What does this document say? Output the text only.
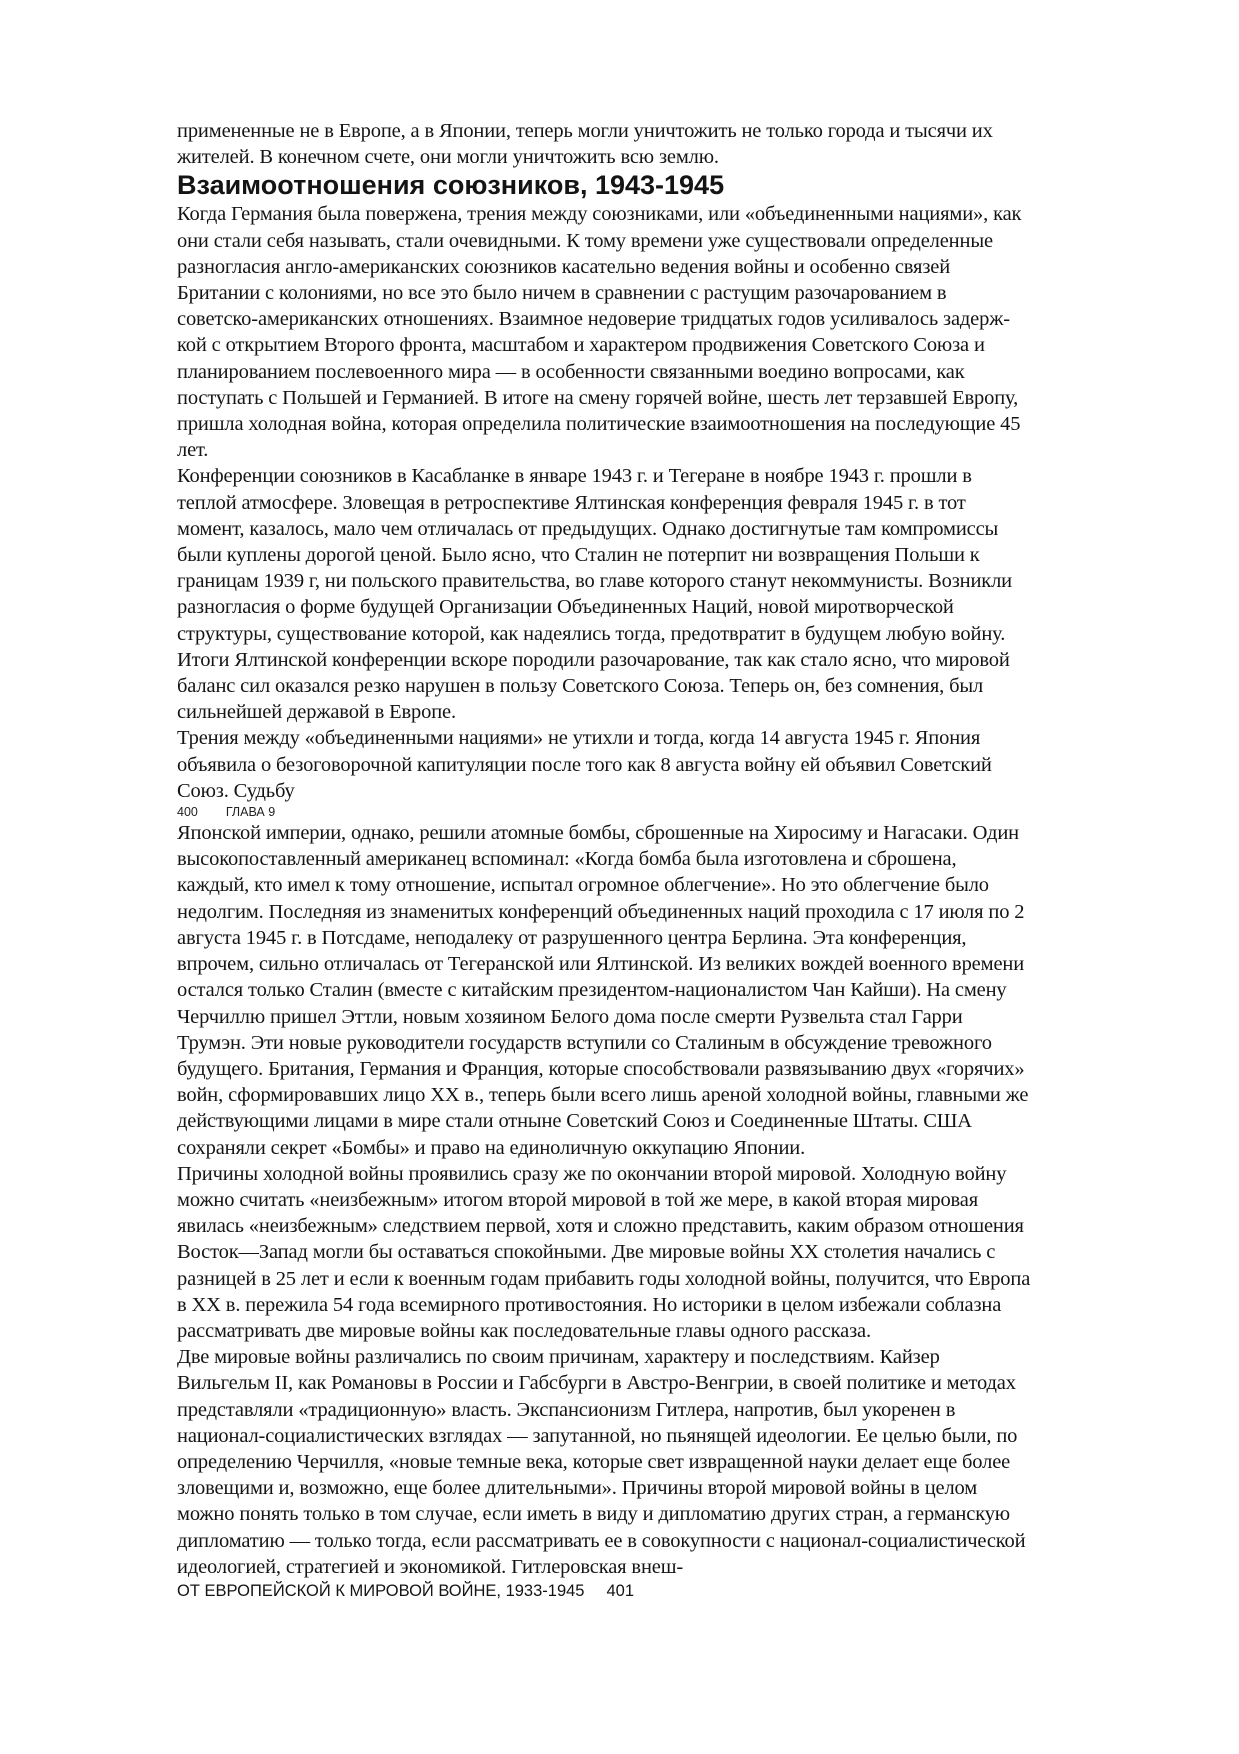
примененные не в Европе, а в Японии, теперь могли уничтожить не только города и тысячи их
жителей. В конечном счете, они могли уничтожить всю землю.
Взаимоотношения союзников, 1943-1945
Когда Германия была повержена, трения между союзниками, или «объединенными нациями», как
они стали себя называть, стали очевидными. К тому времени уже существовали определенные
разногласия англо-американских союзников касательно ведения войны и особенно связей
Британии с колониями, но все это было ничем в сравнении с растущим разочарованием в
советско-американских отношениях. Взаимное недоверие тридцатых годов усиливалось задерж-
кой с открытием Второго фронта, масштабом и характером продвижения Советского Союза и
планированием послевоенного мира — в особенности связанными воедино вопросами, как
поступать с Польшей и Германией. В итоге на смену горячей войне, шесть лет терзавшей Европу,
пришла холодная война, которая определила политические взаимоотношения на последующие 45
лет.
Конференции союзников в Касабланке в январе 1943 г. и Тегеране в ноябре 1943 г. прошли в
теплой атмосфере. Зловещая в ретроспективе Ялтинская конференция февраля 1945 г. в тот
момент, казалось, мало чем отличалась от предыдущих. Однако достигнутые там компромиссы
были куплены дорогой ценой. Было ясно, что Сталин не потерпит ни возвращения Польши к
границам 1939 г, ни польского правительства, во главе которого станут некоммунисты. Возникли
разногласия о форме будущей Организации Объединенных Наций, новой миротворческой
структуры, существование которой, как надеялись тогда, предотвратит в будущем любую войну.
Итоги Ялтинской конференции вскоре породили разочарование, так как стало ясно, что мировой
баланс сил оказался резко нарушен в пользу Советского Союза. Теперь он, без сомнения, был
сильнейшей державой в Европе.
Трения между «объединенными нациями» не утихли и тогда, когда 14 августа 1945 г. Япония
объявила о безоговорочной капитуляции после того как 8 августа войну ей объявил Советский
Союз. Судьбу
400 ГЛАВА 9
Японской империи, однако, решили атомные бомбы, сброшенные на Хиросиму и Нагасаки. Один
высокопоставленный американец вспоминал: «Когда бомба была изготовлена и сброшена,
каждый, кто имел к тому отношение, испытал огромное облегчение». Но это облегчение было
недолгим. Последняя из знаменитых конференций объединенных наций проходила с 17 июля по 2
августа 1945 г. в Потсдаме, неподалеку от разрушенного центра Берлина. Эта конференция,
впрочем, сильно отличалась от Тегеранской или Ялтинской. Из великих вождей военного времени
остался только Сталин (вместе с китайским президентом-националистом Чан Кайши). На смену
Черчиллю пришел Эттли, новым хозяином Белого дома после смерти Рузвельта стал Гарри
Трумэн. Эти новые руководители государств вступили со Сталиным в обсуждение тревожного
будущего. Британия, Германия и Франция, которые способствовали развязыванию двух «горячих»
войн, сформировавших лицо XX в., теперь были всего лишь ареной холодной войны, главными же
действующими лицами в мире стали отныне Советский Союз и Соединенные Штаты. США
сохраняли секрет «Бомбы» и право на единоличную оккупацию Японии.
Причины холодной войны проявились сразу же по окончании второй мировой. Холодную войну
можно считать «неизбежным» итогом второй мировой в той же мере, в какой вторая мировая
явилась «неизбежным» следствием первой, хотя и сложно представить, каким образом отношения
Восток—Запад могли бы оставаться спокойными. Две мировые войны XX столетия начались с
разницей в 25 лет и если к военным годам прибавить годы холодной войны, получится, что Европа
в XX в. пережила 54 года всемирного противостояния. Но историки в целом избежали соблазна
рассматривать две мировые войны как последовательные главы одного рассказа.
Две мировые войны различались по своим причинам, характеру и последствиям. Кайзер
Вильгельм II, как Романовы в России и Габсбурги в Австро-Венгрии, в своей политике и методах
представляли «традиционную» власть. Экспансионизм Гитлера, напротив, был укоренен в
национал-социалистических взглядах — запутанной, но пьянящей идеологии. Ее целью были, по
определению Черчилля, «новые темные века, которые свет извращенной науки делает еще более
зловещими и, возможно, еще более длительными». Причины второй мировой войны в целом
можно понять только в том случае, если иметь в виду и дипломатию других стран, а германскую
дипломатию — только тогда, если рассматривать ее в совокупности с национал-социалистической
идеологией, стратегией и экономикой. Гитлеровская внеш-
ОТ ЕВРОПЕЙСКОЙ К МИРОВОЙ ВОЙНЕ, 1933-1945 401
